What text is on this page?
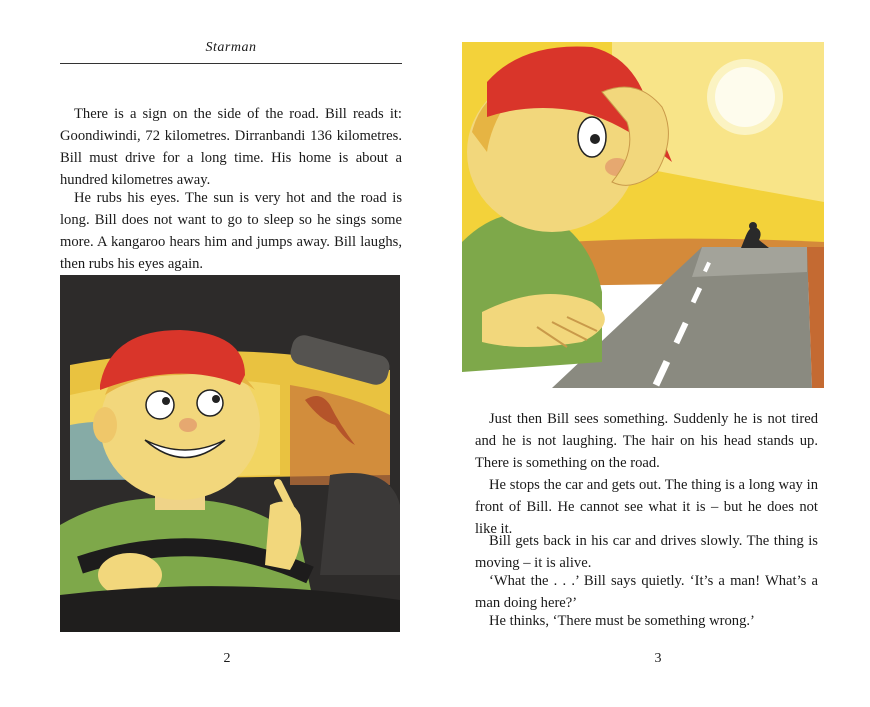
Starman

There is a sign on the side of the road. Bill reads it: Goondiwindi, 72 kilometres. Dirranbandi 136 kilometres. Bill must drive for a long time. His home is about a hundred kilometres away.

He rubs his eyes. The sun is very hot and the road is long. Bill does not want to go to sleep so he sings some more. A kangaroo hears him and jumps away. Bill laughs, then rubs his eyes again.

2

Just then Bill sees something. Suddenly he is not tired and he is not laughing. The hair on his head stands up. There is something on the road.

He stops the car and gets out. The thing is a long way in front of Bill. He cannot see what it is – but he does not like it.

Bill gets back in his car and drives slowly. The thing is moving – it is alive.

‘What the . . .’ Bill says quietly. ‘It’s a man! What’s a man doing here?’

He thinks, ‘There must be something wrong.’

3
